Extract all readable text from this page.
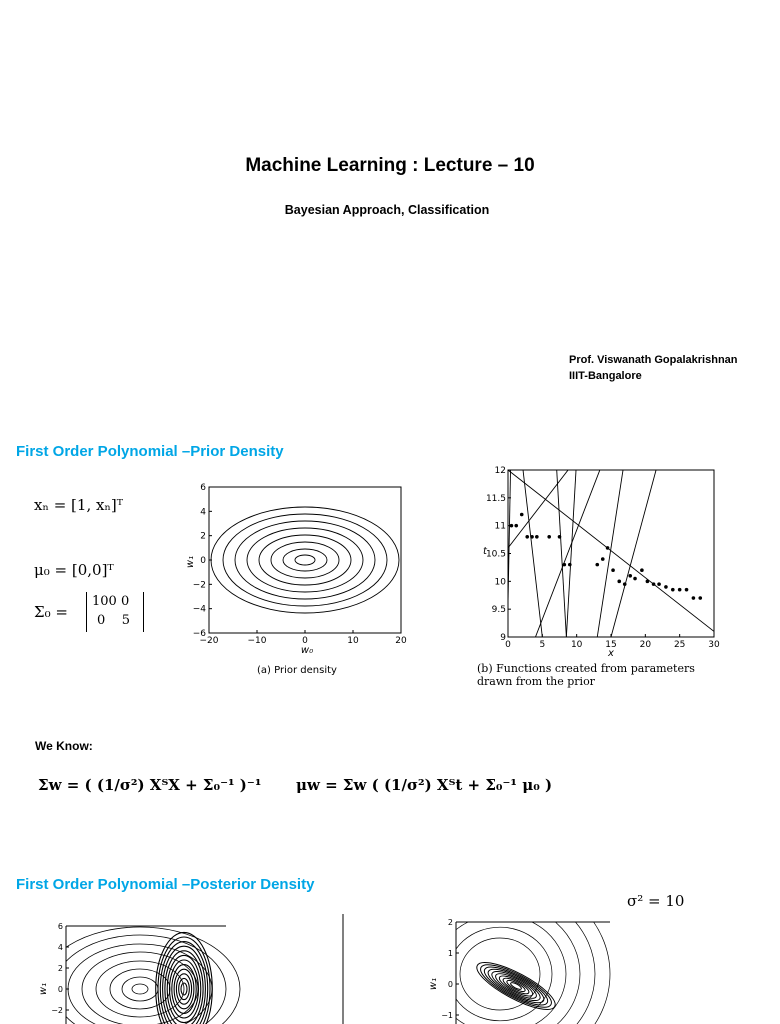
Machine Learning : Lecture – 10
Bayesian Approach, Classification
Prof. Viswanath Gopalakrishnan
IIIT-Bangalore
First Order Polynomial –Prior Density
xₙ = [1, xₙ]ᵀ
μ₀ = [0,0]ᵀ
Σ₀ =
100 0
0    5
−20	−10	0	10	20
6
4
2
0
−2
−4
−6
w₀
w₁
(a) Prior density
0	5	10	15	20	25	30
12
11.5
11
10.5
10
9.5
9
x
t
(b) Functions created from parameters
drawn from the prior
We Know:
Σw = ( (1/σ²) XᵀX + Σ₀⁻¹ )⁻¹ μw = Σw ( (1/σ²) Xᵀt + Σ₀⁻¹ μ₀ )
First Order Polynomial –Posterior Density
σ² = 10
6
4
2
0
−2
w₁
2
1
0
−1
w₁
